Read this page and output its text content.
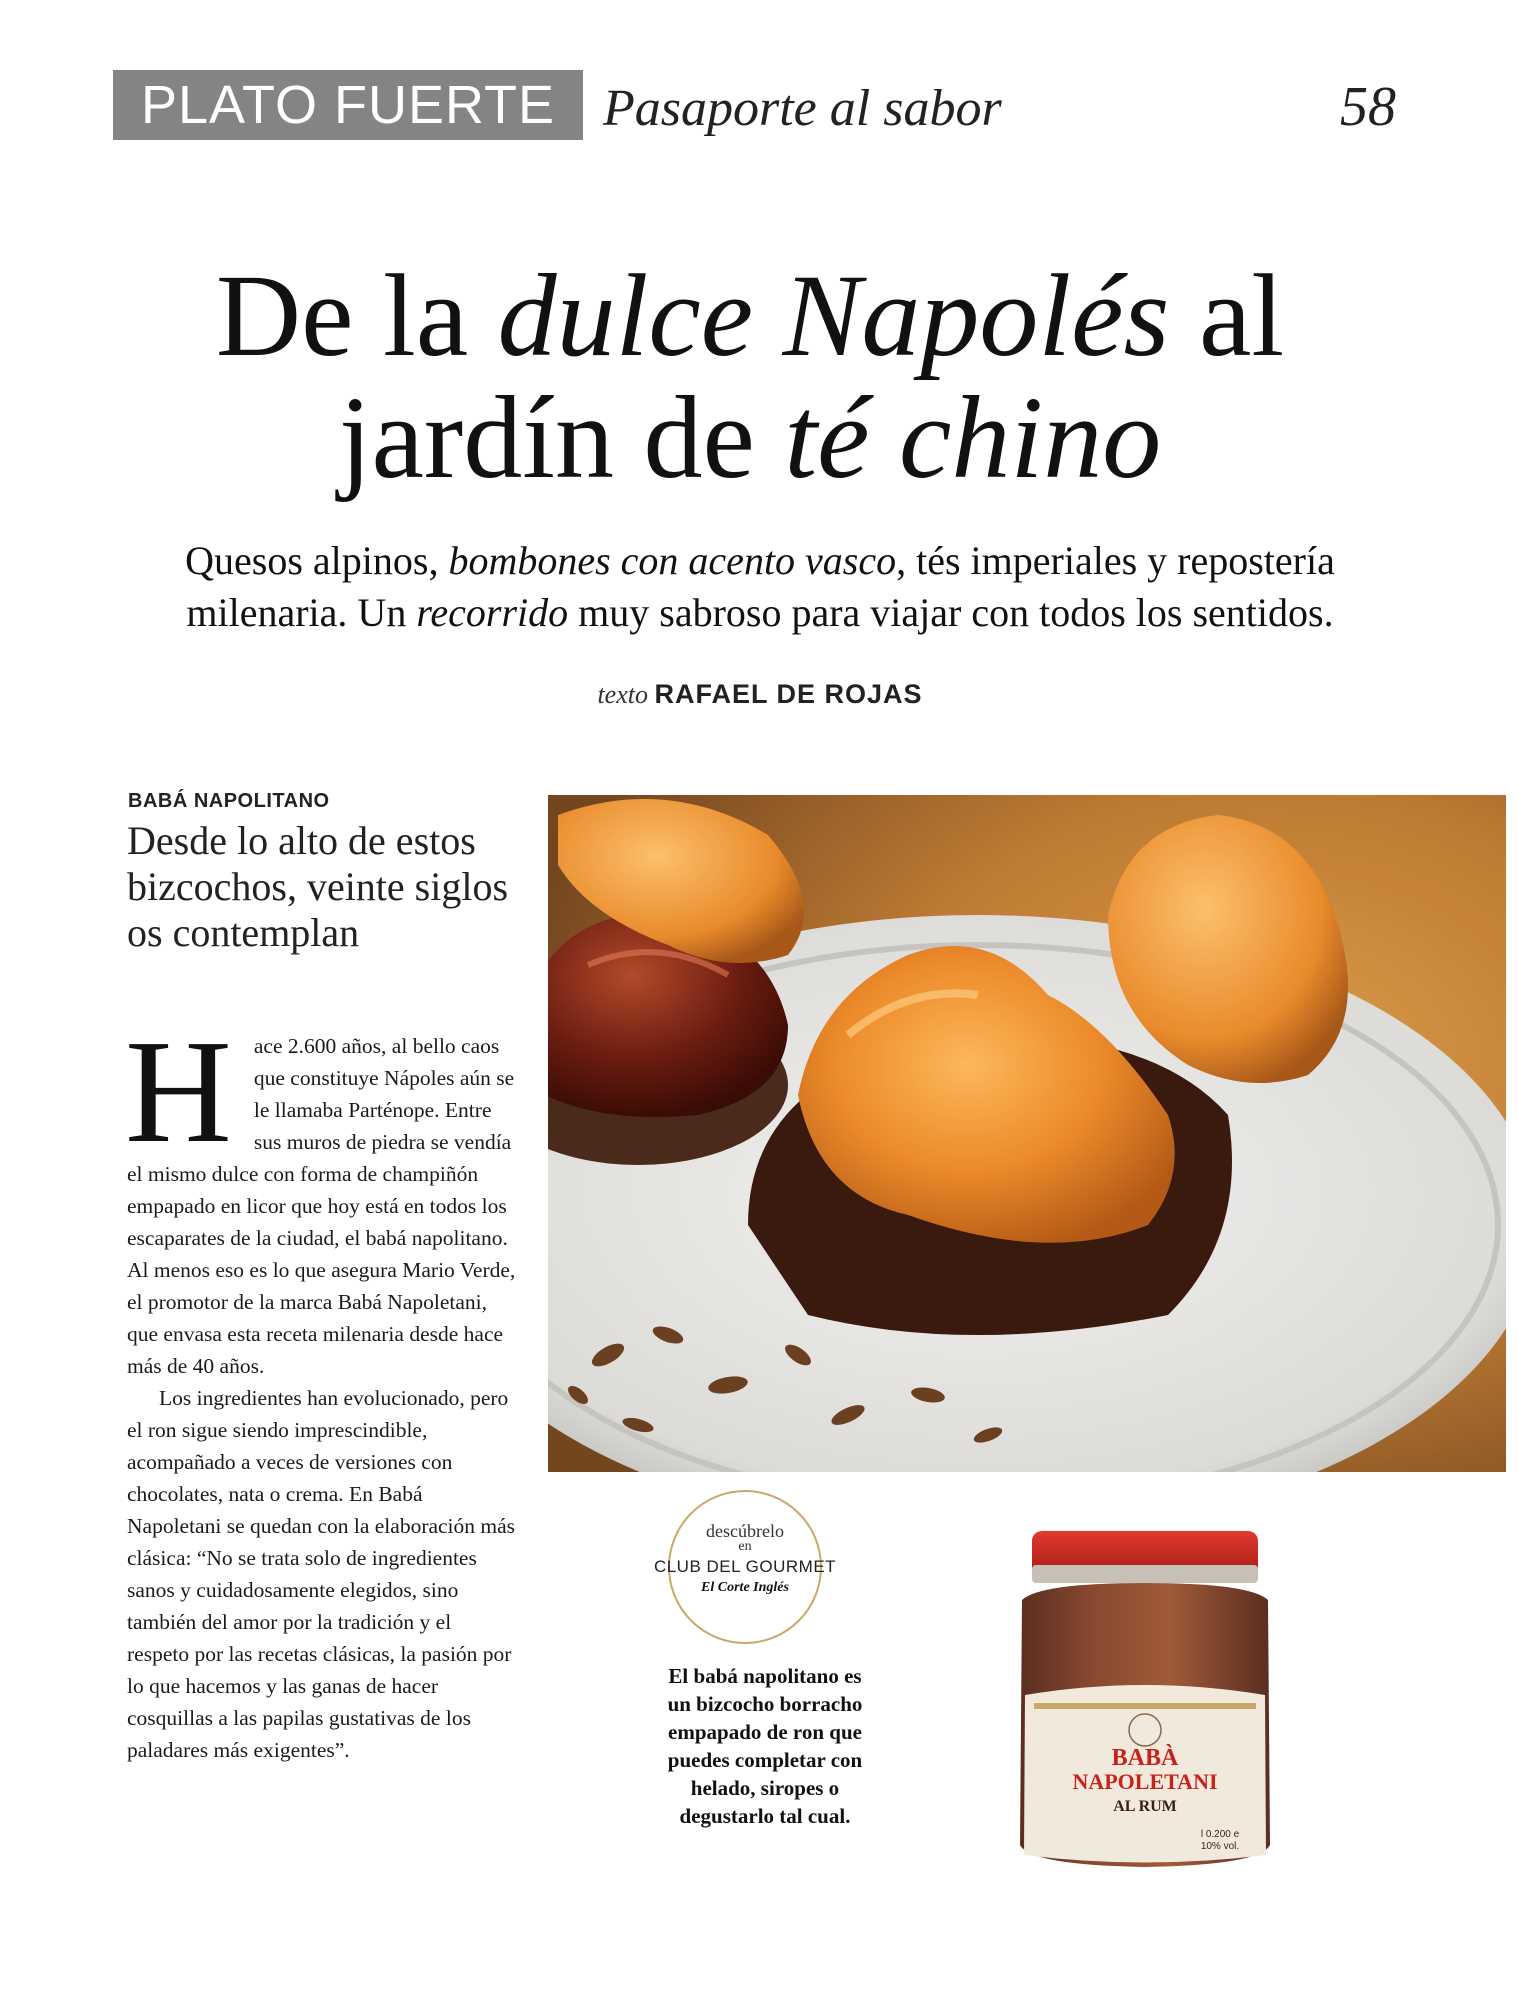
PLATO FUERTE Pasaporte al sabor	58
De la dulce Napolés al
jardín de té chino
Quesos alpinos, bombones con acento vasco, tés imperiales y repostería
milenaria. Un recorrido muy sabroso para viajar con todos los sentidos.
texto RAFAEL DE ROJAS
BABÁ NAPOLITANO
Desde lo alto de estos bizcochos, veinte siglos os contemplan

H ace 2.600 años, al bello caos que constituye Nápoles aún se le llamaba Parténope. Entre sus muros de piedra se vendía el mismo dulce con forma de champiñón empapado en licor que hoy está en todos los escaparates de la ciudad, el babá napolitano. Al menos eso es lo que asegura Mario Verde, el promotor de la marca Babá Napoletani, que envasa esta receta milenaria desde hace más de 40 años.

Los ingredientes han evolucionado, pero el ron sigue siendo imprescindible, acompañado a veces de versiones con chocolates, nata o crema. En Babá Napoletani se quedan con la elaboración más clásica: “No se trata solo de ingredientes sanos y cuidadosamente elegidos, sino también del amor por la tradición y el respeto por las recetas clásicas, la pasión por lo que hacemos y las ganas de hacer cosquillas a las papilas gustativas de los paladares más exigentes”.

descúbrelo
en
CLUB DEL GOURMET
El Corte Inglés
El babá napolitano es un bizcocho borracho empapado de ron que puedes completar con helado, siropes o degustarlo tal cual.
BABÀ
NAPOLETANI
AL RUM
l 0.200 e
10% vol.
